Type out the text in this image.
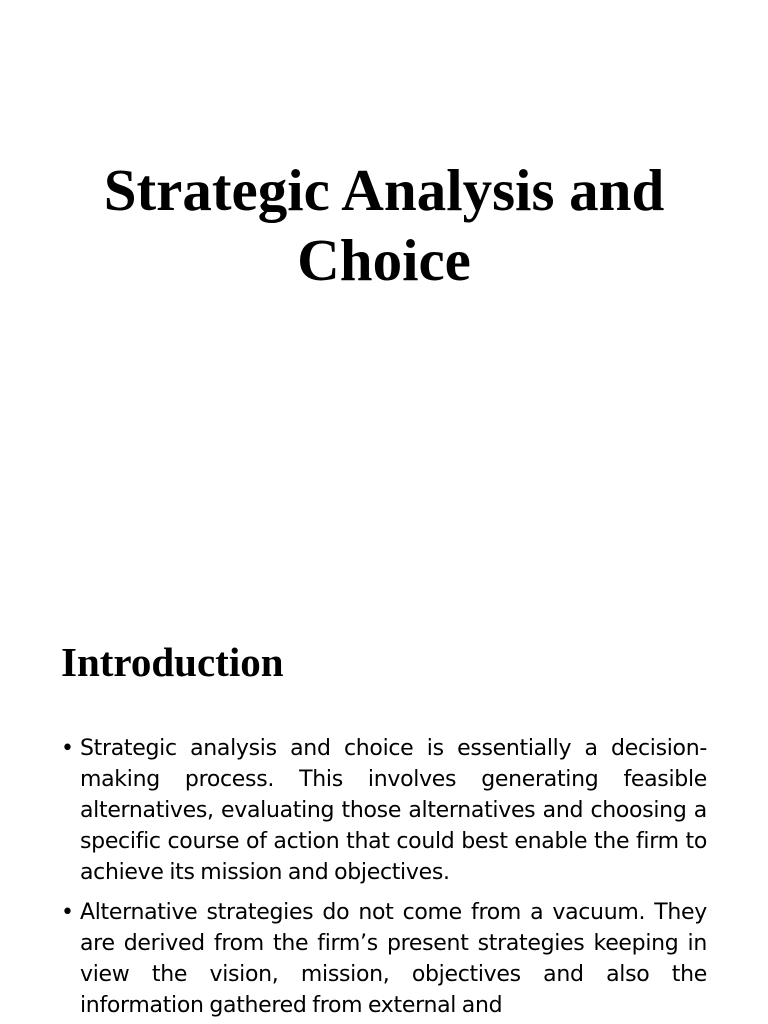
Strategic Analysis and
Choice
Introduction
• Strategic analysis and choice is essentially a decision-making process. This involves generating feasible alternatives, evaluating those alternatives and choosing a specific course of action that could best enable the firm to achieve its mission and objectives.
• Alternative strategies do not come from a vacuum. They are derived from the firm’s present strategies keeping in view the vision, mission, objectives and also the information gathered from external and
